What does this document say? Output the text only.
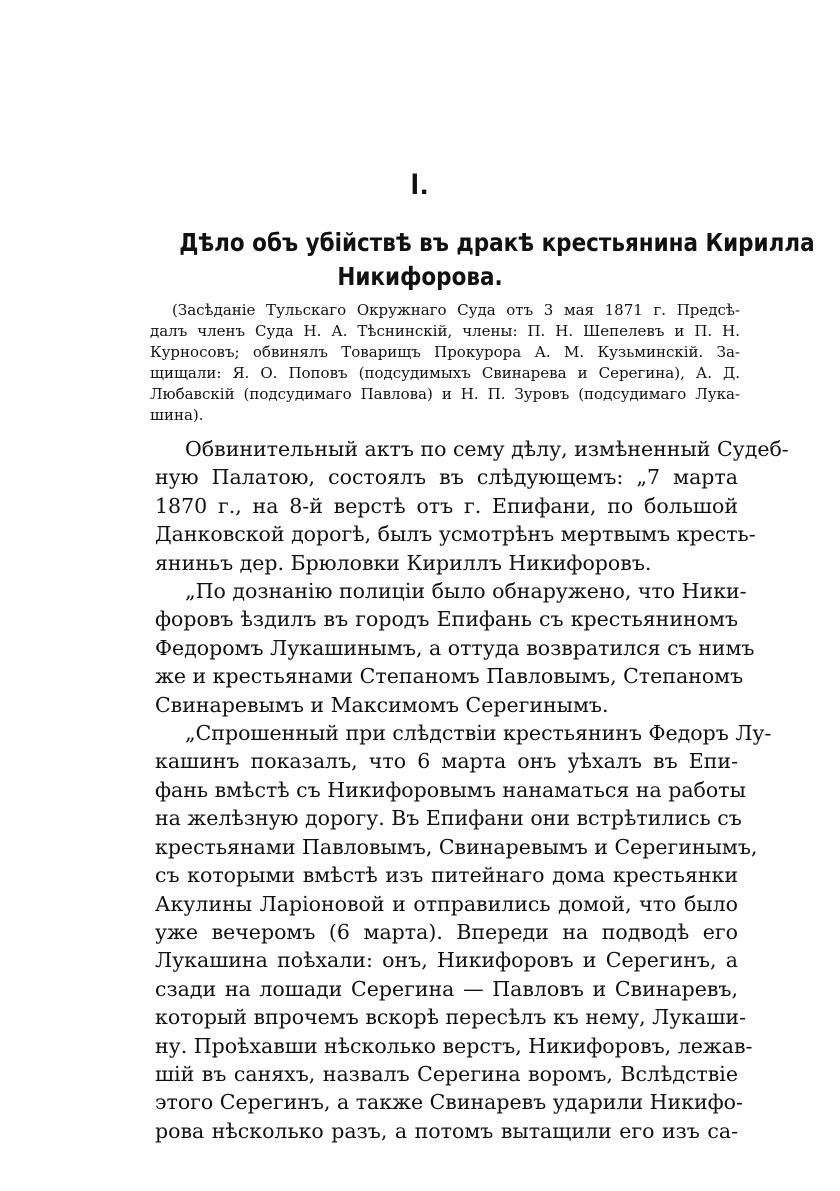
I.
Дѣло объ убійствѣ въ дракѣ крестьянина Кирилла
Никифорова.
(Засѣданіе Тульскаго Окружнаго Суда отъ 3 мая 1871 г. Предсѣ-
далъ членъ Суда Н. А. Тѣснинскій, члены: П. Н. Шепелевъ и П. Н.
Курносовъ; обвинялъ Товарищъ Прокурора А. М. Кузьминскій. За-
щищали: Я. О. Поповъ (подсудимыхъ Свинарева и Серегина), А. Д.
Любавскій (подсудимаго Павлова) и Н. П. Зуровъ (подсудимаго Лука-
шина).
Обвинительный актъ по сему дѣлу, измѣненный Судеб-
ную Палатою, состоялъ въ слѣдующемъ: „7 марта
1870 г., на 8-й верстѣ отъ г. Епифани, по большой
Данковской дорогѣ, былъ усмотрѣнъ мертвымъ кресть-
яниньъ дер. Брюловки Кириллъ Никифоровъ.
„По дознанію полиціи было обнаружено, что Ники-
форовъ ѣздилъ въ городъ Епифань съ крестьяниномъ
Федоромъ Лукашинымъ, а оттуда возвратился съ нимъ
же и крестьянами Степаномъ Павловымъ, Степаномъ
Свинаревымъ и Максимомъ Серегинымъ.
„Спрошенный при слѣдствіи крестьянинъ Федоръ Лу-
кашинъ показалъ, что 6 марта онъ уѣхалъ въ Епи-
фань вмѣстѣ съ Никифоровымъ нанаматься на работы
на желѣзную дорогу. Въ Епифани они встрѣтились съ
крестьянами Павловымъ, Свинаревымъ и Серегинымъ,
съ которыми вмѣстѣ изъ питейнаго дома крестьянки
Акулины Ларіоновой и отправились домой, что было
уже вечеромъ (6 марта). Впереди на подводѣ его
Лукашина поѣхали: онъ, Никифоровъ и Серегинъ, а
сзади на лошади Серегина — Павловъ и Свинаревъ,
который впрочемъ вскорѣ пересѣлъ къ нему, Лукаши-
ну. Проѣхавши нѣсколько верстъ, Никифоровъ, лежав-
шій въ саняхъ, назвалъ Серегина воромъ, Вслѣдствіе
этого Серегинъ, а также Свинаревъ ударили Никифо-
рова нѣсколько разъ, а потомъ вытащили его изъ са-
